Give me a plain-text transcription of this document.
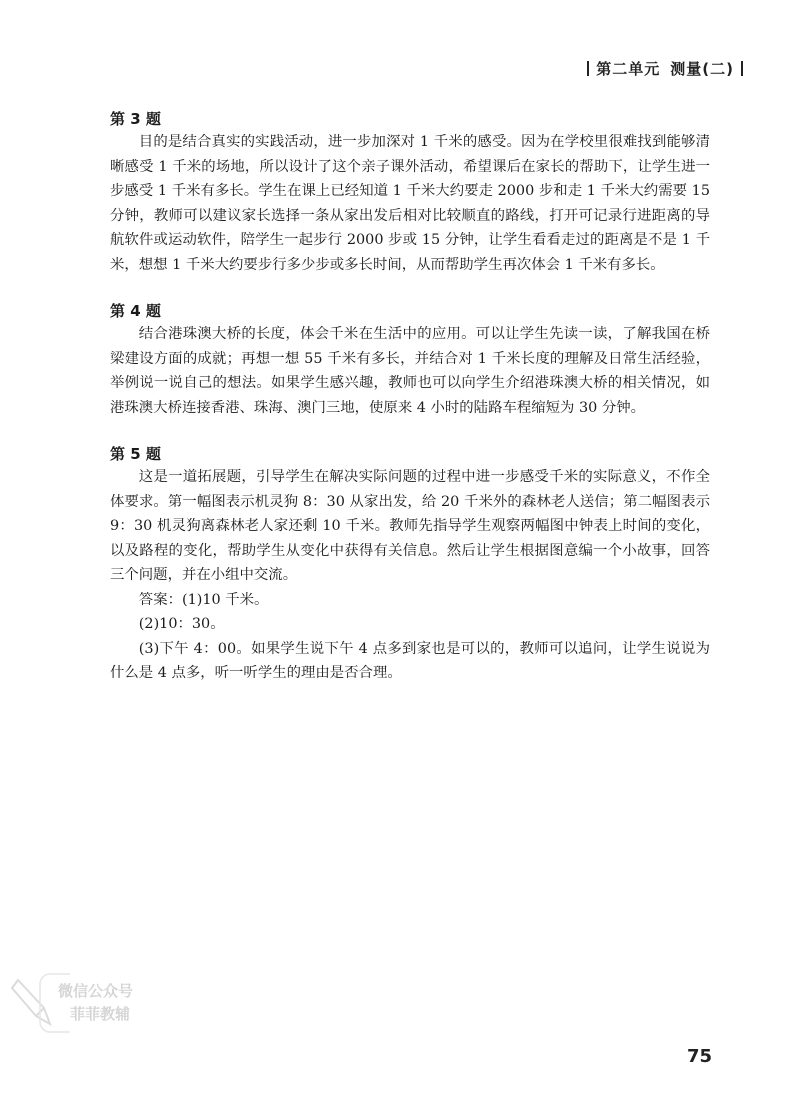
第二单元 测量(二)

第 3 题

目的是结合真实的实践活动，进一步加深对 1 千米的感受。因为在学校里很难找到能够清晰感受 1 千米的场地，所以设计了这个亲子课外活动，希望课后在家长的帮助下，让学生进一步感受 1 千米有多长。学生在课上已经知道 1 千米大约要走 2000 步和走 1 千米大约需要 15 分钟，教师可以建议家长选择一条从家出发后相对比较顺直的路线，打开可记录行进距离的导航软件或运动软件，陪学生一起步行 2000 步或 15 分钟，让学生看看走过的距离是不是 1 千米，想想 1 千米大约要步行多少步或多长时间，从而帮助学生再次体会 1 千米有多长。

第 4 题

结合港珠澳大桥的长度，体会千米在生活中的应用。可以让学生先读一读，了解我国在桥梁建设方面的成就；再想一想 55 千米有多长，并结合对 1 千米长度的理解及日常生活经验，举例说一说自己的想法。如果学生感兴趣，教师也可以向学生介绍港珠澳大桥的相关情况，如港珠澳大桥连接香港、珠海、澳门三地，使原来 4 小时的陆路车程缩短为 30 分钟。

第 5 题

这是一道拓展题，引导学生在解决实际问题的过程中进一步感受千米的实际意义，不作全体要求。第一幅图表示机灵狗 8：30 从家出发，给 20 千米外的森林老人送信；第二幅图表示 9：30 机灵狗离森林老人家还剩 10 千米。教师先指导学生观察两幅图中钟表上时间的变化，以及路程的变化，帮助学生从变化中获得有关信息。然后让学生根据图意编一个小故事，回答三个问题，并在小组中交流。

答案：(1)10 千米。

(2)10：30。

(3)下午 4：00。如果学生说下午 4 点多到家也是可以的，教师可以追问，让学生说说为什么是 4 点多，听一听学生的理由是否合理。

微信公众号
菲菲教辅
75
